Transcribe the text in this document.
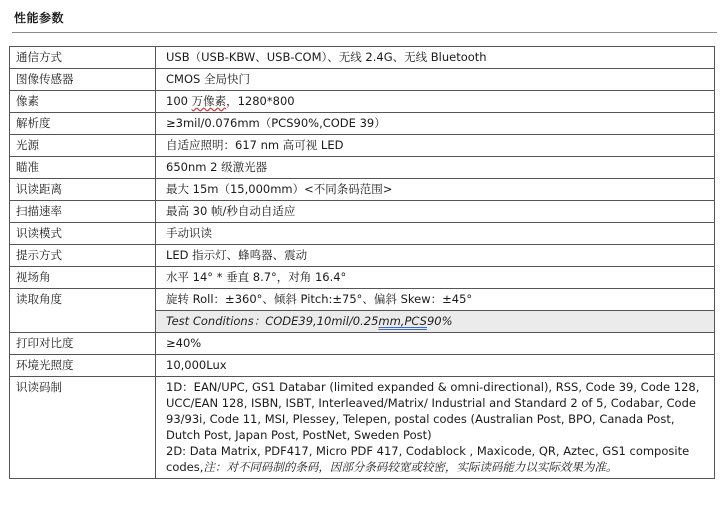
性能参数
通信方式	USB（USB-KBW、USB-COM）、无线 2.4G、无线 Bluetooth
图像传感器	CMOS 全局快门
像素	100 万像素，1280*800
解析度	≥3mil/0.076mm（PCS90%,CODE 39）
光源	自适应照明：617 nm 高可视 LED
瞄准	650nm 2 级激光器
识读距离	最大 15m（15,000mm）<不同条码范围>
扫描速率	最高 30 帧/秒自动自适应
识读模式	手动识读
提示方式	LED 指示灯、蜂鸣器、震动
视场角	水平 14° * 垂直 8.7°，对角 16.4°
读取角度	旋转 Roll：±360°、倾斜 Pitch:±75°、偏斜 Skew：±45°
	Test Conditions：CODE39,10mil/0.25mm,PCS90%
打印对比度	≥40%
环境光照度	10,000Lux
识读码制	1D：EAN/UPC, GS1 Databar (limited expanded & omni-directional), RSS, Code 39, Code 128, UCC/EAN 128, ISBN, ISBT, Interleaved/Matrix/ Industrial and Standard 2 of 5, Codabar, Code 93/93i, Code 11, MSI, Plessey, Telepen, postal codes (Australian Post, BPO, Canada Post, Dutch Post, Japan Post, PostNet, Sweden Post)
2D: Data Matrix, PDF417, Micro PDF 417, Codablock , Maxicode, QR, Aztec, GS1 composite codes,注：对不同码制的条码，因部分条码较宽或较密，实际读码能力以实际效果为准。
